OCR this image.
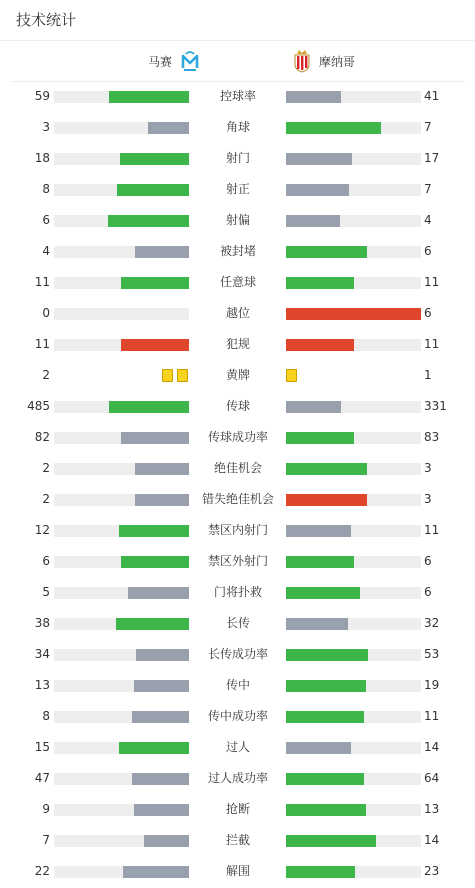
技术统计
马赛	摩纳哥
59	控球率	41
3	角球	7
18	射门	17
8	射正	7
6	射偏	4
4	被封堵	6
11	任意球	11
0	越位	6
11	犯规	11
2	黄牌	1
485	传球	331
82	传球成功率	83
2	绝佳机会	3
2	错失绝佳机会	3
12	禁区内射门	11
6	禁区外射门	6
5	门将扑救	6
38	长传	32
34	长传成功率	53
13	传中	19
8	传中成功率	11
15	过人	14
47	过人成功率	64
9	抢断	13
7	拦截	14
22	解围	23
